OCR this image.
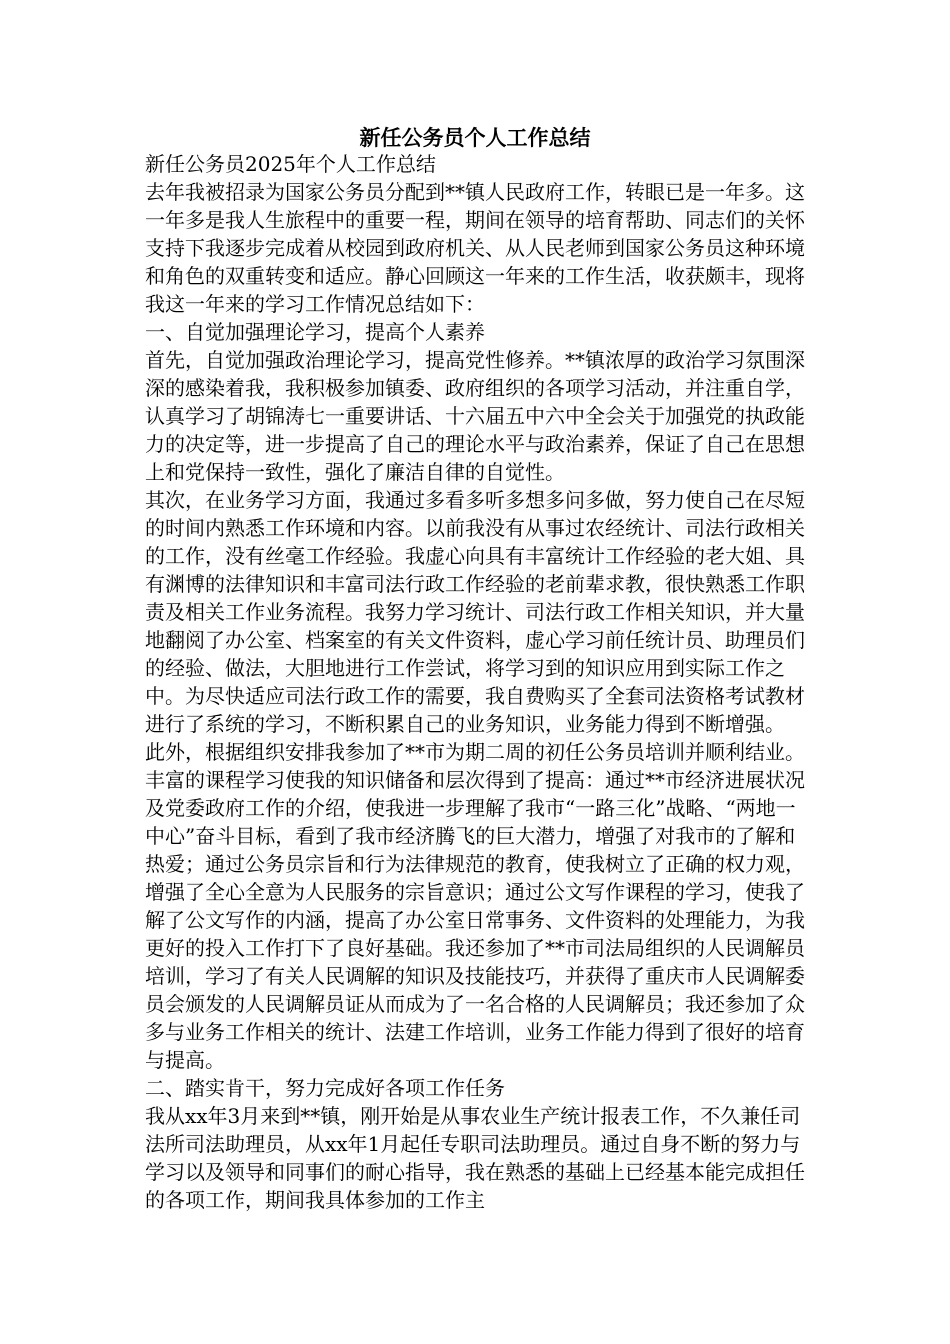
新任公务员个人工作总结

新任公务员2025年个人工作总结

去年我被招录为国家公务员分配到**镇人民政府工作，转眼已是一年多。这一年多是我人生旅程中的重要一程，期间在领导的培育帮助、同志们的关怀支持下我逐步完成着从校园到政府机关、从人民老师到国家公务员这种环境和角色的双重转变和适应。静心回顾这一年来的工作生活，收获颇丰，现将我这一年来的学习工作情况总结如下：

一、自觉加强理论学习，提高个人素养

首先，自觉加强政治理论学习，提高党性修养。**镇浓厚的政治学习氛围深深的感染着我，我积极参加镇委、政府组织的各项学习活动，并注重自学，认真学习了胡锦涛七一重要讲话、十六届五中六中全会关于加强党的执政能力的决定等，进一步提高了自己的理论水平与政治素养，保证了自己在思想上和党保持一致性，强化了廉洁自律的自觉性。

其次，在业务学习方面，我通过多看多听多想多问多做，努力使自己在尽短的时间内熟悉工作环境和内容。以前我没有从事过农经统计、司法行政相关的工作，没有丝毫工作经验。我虚心向具有丰富统计工作经验的老大姐、具有渊博的法律知识和丰富司法行政工作经验的老前辈求教，很快熟悉工作职责及相关工作业务流程。我努力学习统计、司法行政工作相关知识，并大量地翻阅了办公室、档案室的有关文件资料，虚心学习前任统计员、助理员们的经验、做法，大胆地进行工作尝试，将学习到的知识应用到实际工作之中。为尽快适应司法行政工作的需要，我自费购买了全套司法资格考试教材进行了系统的学习，不断积累自己的业务知识，业务能力得到不断增强。

此外，根据组织安排我参加了**市为期二周的初任公务员培训并顺利结业。丰富的课程学习使我的知识储备和层次得到了提高：通过**市经济进展状况及党委政府工作的介绍，使我进一步理解了我市“一路三化”战略、“两地一中心”奋斗目标，看到了我市经济腾飞的巨大潜力，增强了对我市的了解和热爱；通过公务员宗旨和行为法律规范的教育，使我树立了正确的权力观，增强了全心全意为人民服务的宗旨意识；通过公文写作课程的学习，使我了解了公文写作的内涵，提高了办公室日常事务、文件资料的处理能力，为我更好的投入工作打下了良好基础。我还参加了**市司法局组织的人民调解员培训，学习了有关人民调解的知识及技能技巧，并获得了重庆市人民调解委员会颁发的人民调解员证从而成为了一名合格的人民调解员；我还参加了众多与业务工作相关的统计、法建工作培训，业务工作能力得到了很好的培育与提高。

二、踏实肯干，努力完成好各项工作任务

我从xx年3月来到**镇，刚开始是从事农业生产统计报表工作，不久兼任司法所司法助理员，从xx年1月起任专职司法助理员。通过自身不断的努力与学习以及领导和同事们的耐心指导，我在熟悉的基础上已经基本能完成担任的各项工作，期间我具体参加的工作主
